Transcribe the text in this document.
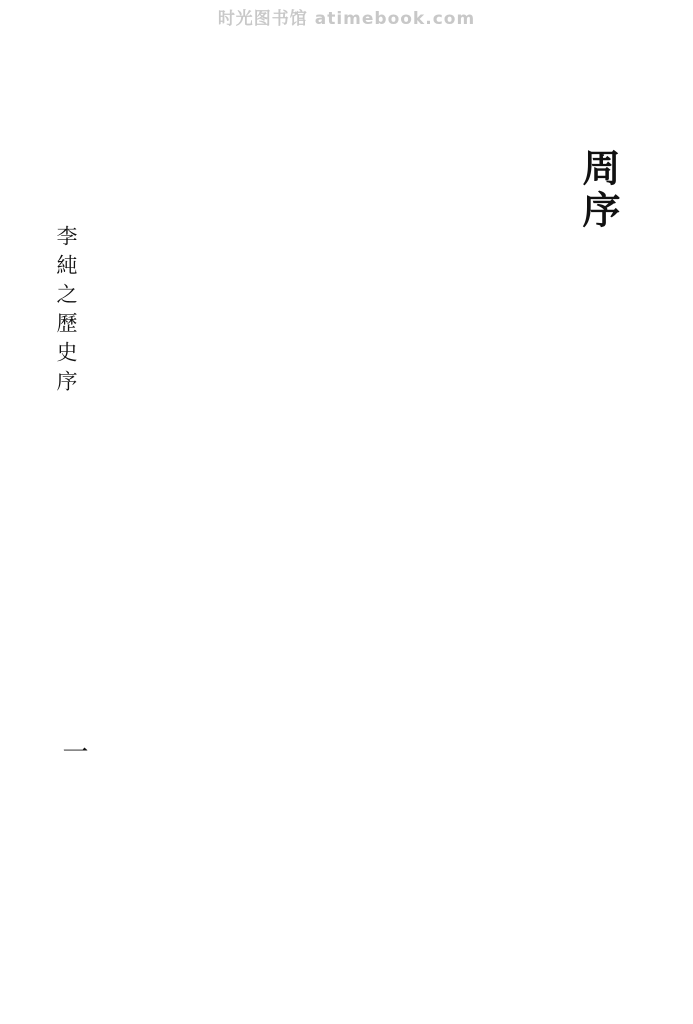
时光图书馆 atimebook.com
周序
李純之歷史序
一
